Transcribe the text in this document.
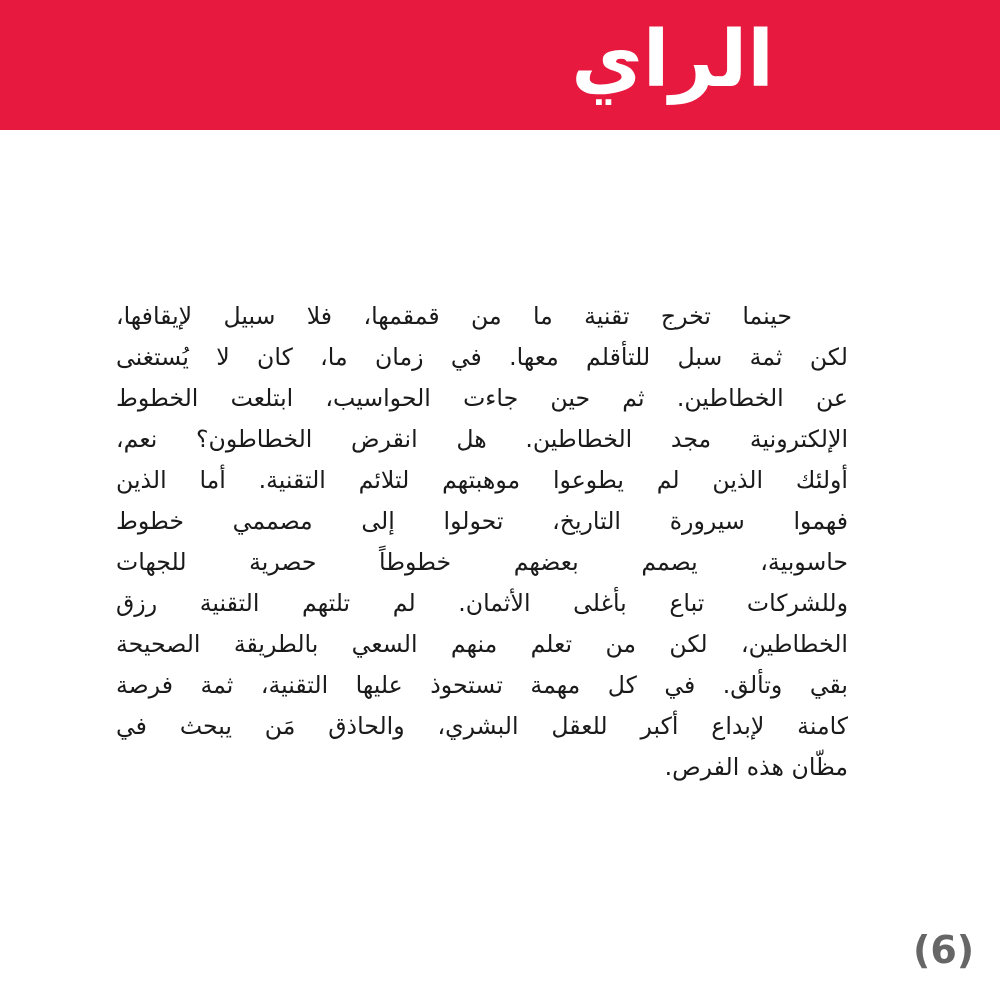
الراي
حينما تخرج تقنية ما من قمقمها، فلا سبيل لإيقافها،
لكن ثمة سبل للتأقلم معها. في زمان ما، كان لا يُستغنى
عن الخطاطين. ثم حين جاءت الحواسيب، ابتلعت الخطوط
الإلكترونية مجد الخطاطين. هل انقرض الخطاطون؟ نعم،
أولئك الذين لم يطوعوا موهبتهم لتلائم التقنية. أما الذين
فهموا سيرورة التاريخ، تحولوا إلى مصممي خطوط
حاسوبية، يصمم بعضهم خطوطاً حصرية للجهات
وللشركات تباع بأغلى الأثمان. لم تلتهم التقنية رزق
الخطاطين، لكن من تعلم منهم السعي بالطريقة الصحيحة
بقي وتألق. في كل مهمة تستحوذ عليها التقنية، ثمة فرصة
كامنة لإبداع أكبر للعقل البشري، والحاذق مَن يبحث في
مظّان هذه الفرص.
(6)
